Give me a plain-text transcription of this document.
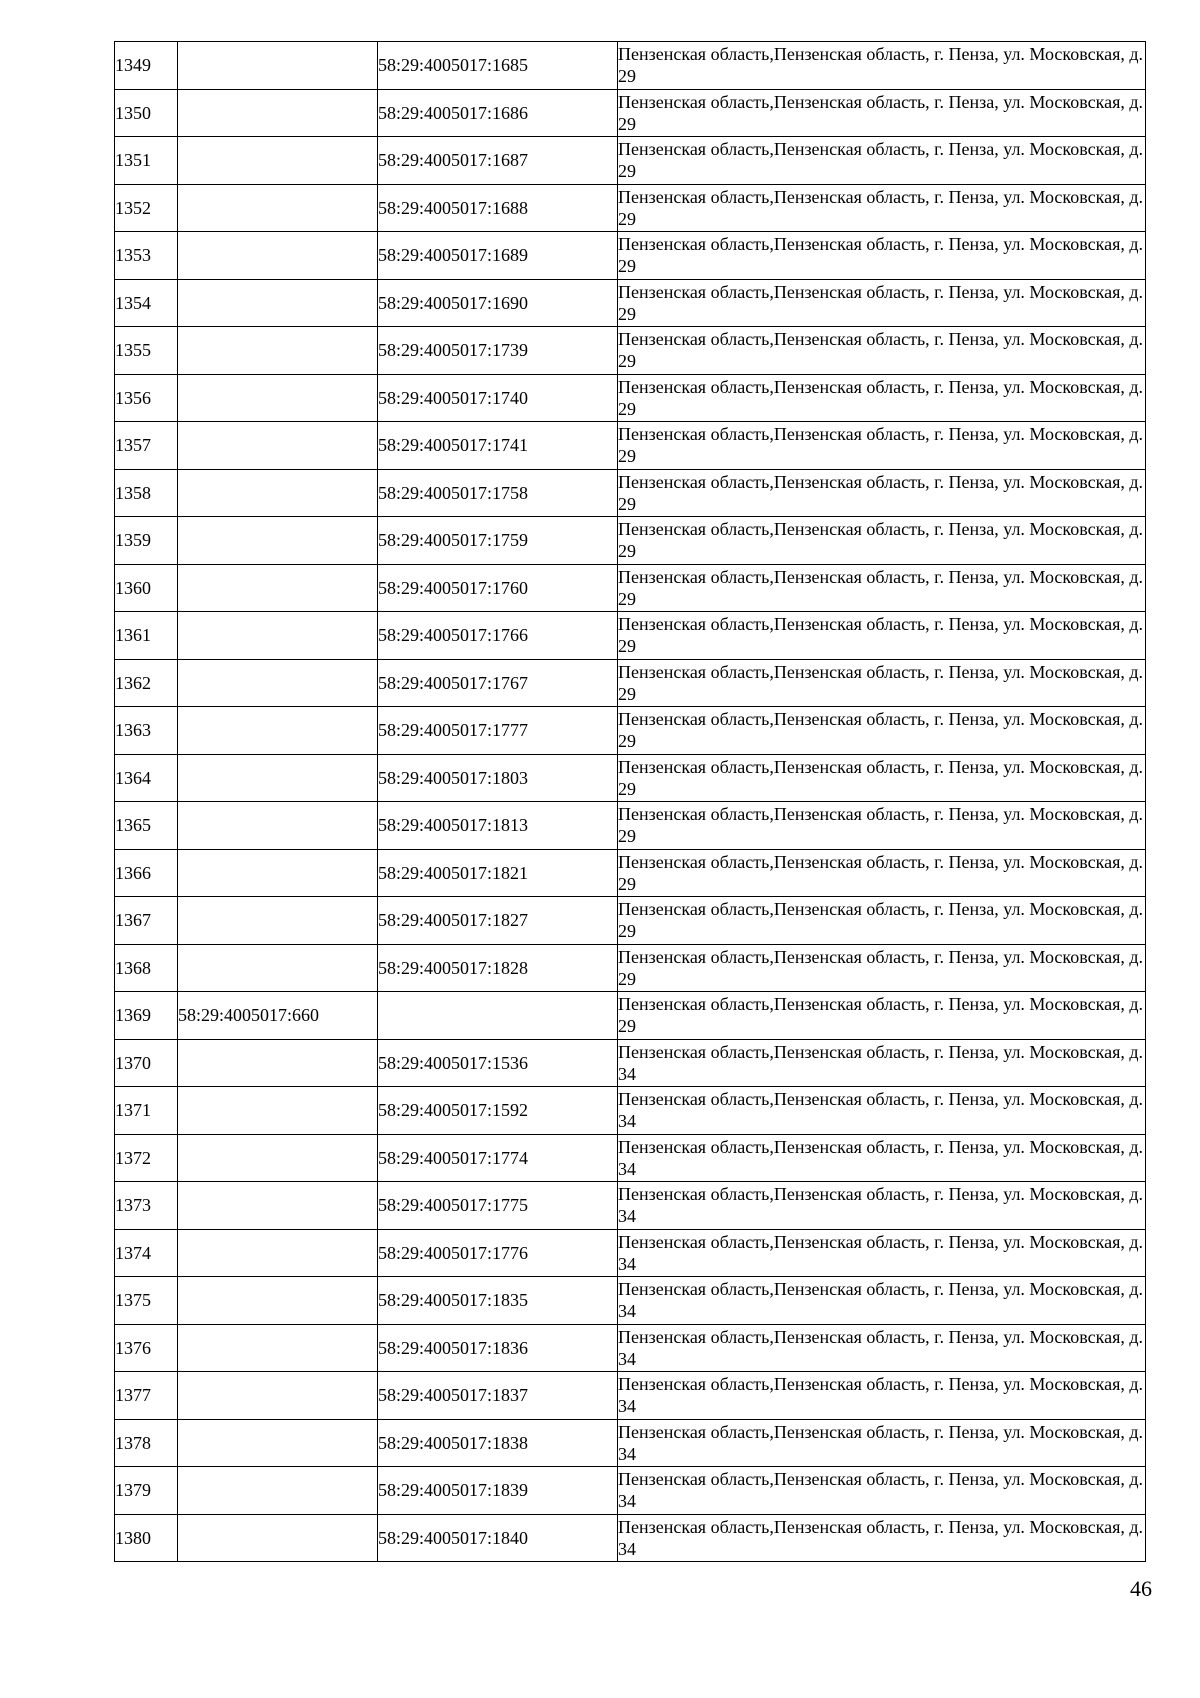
1349		58:29:4005017:1685	Пензенская область,Пензенская область, г. Пенза, ул. Московская, д. 29
1350		58:29:4005017:1686	Пензенская область,Пензенская область, г. Пенза, ул. Московская, д. 29
1351		58:29:4005017:1687	Пензенская область,Пензенская область, г. Пенза, ул. Московская, д. 29
1352		58:29:4005017:1688	Пензенская область,Пензенская область, г. Пенза, ул. Московская, д. 29
1353		58:29:4005017:1689	Пензенская область,Пензенская область, г. Пенза, ул. Московская, д. 29
1354		58:29:4005017:1690	Пензенская область,Пензенская область, г. Пенза, ул. Московская, д. 29
1355		58:29:4005017:1739	Пензенская область,Пензенская область, г. Пенза, ул. Московская, д. 29
1356		58:29:4005017:1740	Пензенская область,Пензенская область, г. Пенза, ул. Московская, д. 29
1357		58:29:4005017:1741	Пензенская область,Пензенская область, г. Пенза, ул. Московская, д. 29
1358		58:29:4005017:1758	Пензенская область,Пензенская область, г. Пенза, ул. Московская, д. 29
1359		58:29:4005017:1759	Пензенская область,Пензенская область, г. Пенза, ул. Московская, д. 29
1360		58:29:4005017:1760	Пензенская область,Пензенская область, г. Пенза, ул. Московская, д. 29
1361		58:29:4005017:1766	Пензенская область,Пензенская область, г. Пенза, ул. Московская, д. 29
1362		58:29:4005017:1767	Пензенская область,Пензенская область, г. Пенза, ул. Московская, д. 29
1363		58:29:4005017:1777	Пензенская область,Пензенская область, г. Пенза, ул. Московская, д. 29
1364		58:29:4005017:1803	Пензенская область,Пензенская область, г. Пенза, ул. Московская, д. 29
1365		58:29:4005017:1813	Пензенская область,Пензенская область, г. Пенза, ул. Московская, д. 29
1366		58:29:4005017:1821	Пензенская область,Пензенская область, г. Пенза, ул. Московская, д. 29
1367		58:29:4005017:1827	Пензенская область,Пензенская область, г. Пенза, ул. Московская, д. 29
1368		58:29:4005017:1828	Пензенская область,Пензенская область, г. Пенза, ул. Московская, д. 29
1369	58:29:4005017:660		Пензенская область,Пензенская область, г. Пенза, ул. Московская, д. 29
1370		58:29:4005017:1536	Пензенская область,Пензенская область, г. Пенза, ул. Московская, д. 34
1371		58:29:4005017:1592	Пензенская область,Пензенская область, г. Пенза, ул. Московская, д. 34
1372		58:29:4005017:1774	Пензенская область,Пензенская область, г. Пенза, ул. Московская, д. 34
1373		58:29:4005017:1775	Пензенская область,Пензенская область, г. Пенза, ул. Московская, д. 34
1374		58:29:4005017:1776	Пензенская область,Пензенская область, г. Пенза, ул. Московская, д. 34
1375		58:29:4005017:1835	Пензенская область,Пензенская область, г. Пенза, ул. Московская, д. 34
1376		58:29:4005017:1836	Пензенская область,Пензенская область, г. Пенза, ул. Московская, д. 34
1377		58:29:4005017:1837	Пензенская область,Пензенская область, г. Пенза, ул. Московская, д. 34
1378		58:29:4005017:1838	Пензенская область,Пензенская область, г. Пенза, ул. Московская, д. 34
1379		58:29:4005017:1839	Пензенская область,Пензенская область, г. Пенза, ул. Московская, д. 34
1380		58:29:4005017:1840	Пензенская область,Пензенская область, г. Пенза, ул. Московская, д. 34
46
